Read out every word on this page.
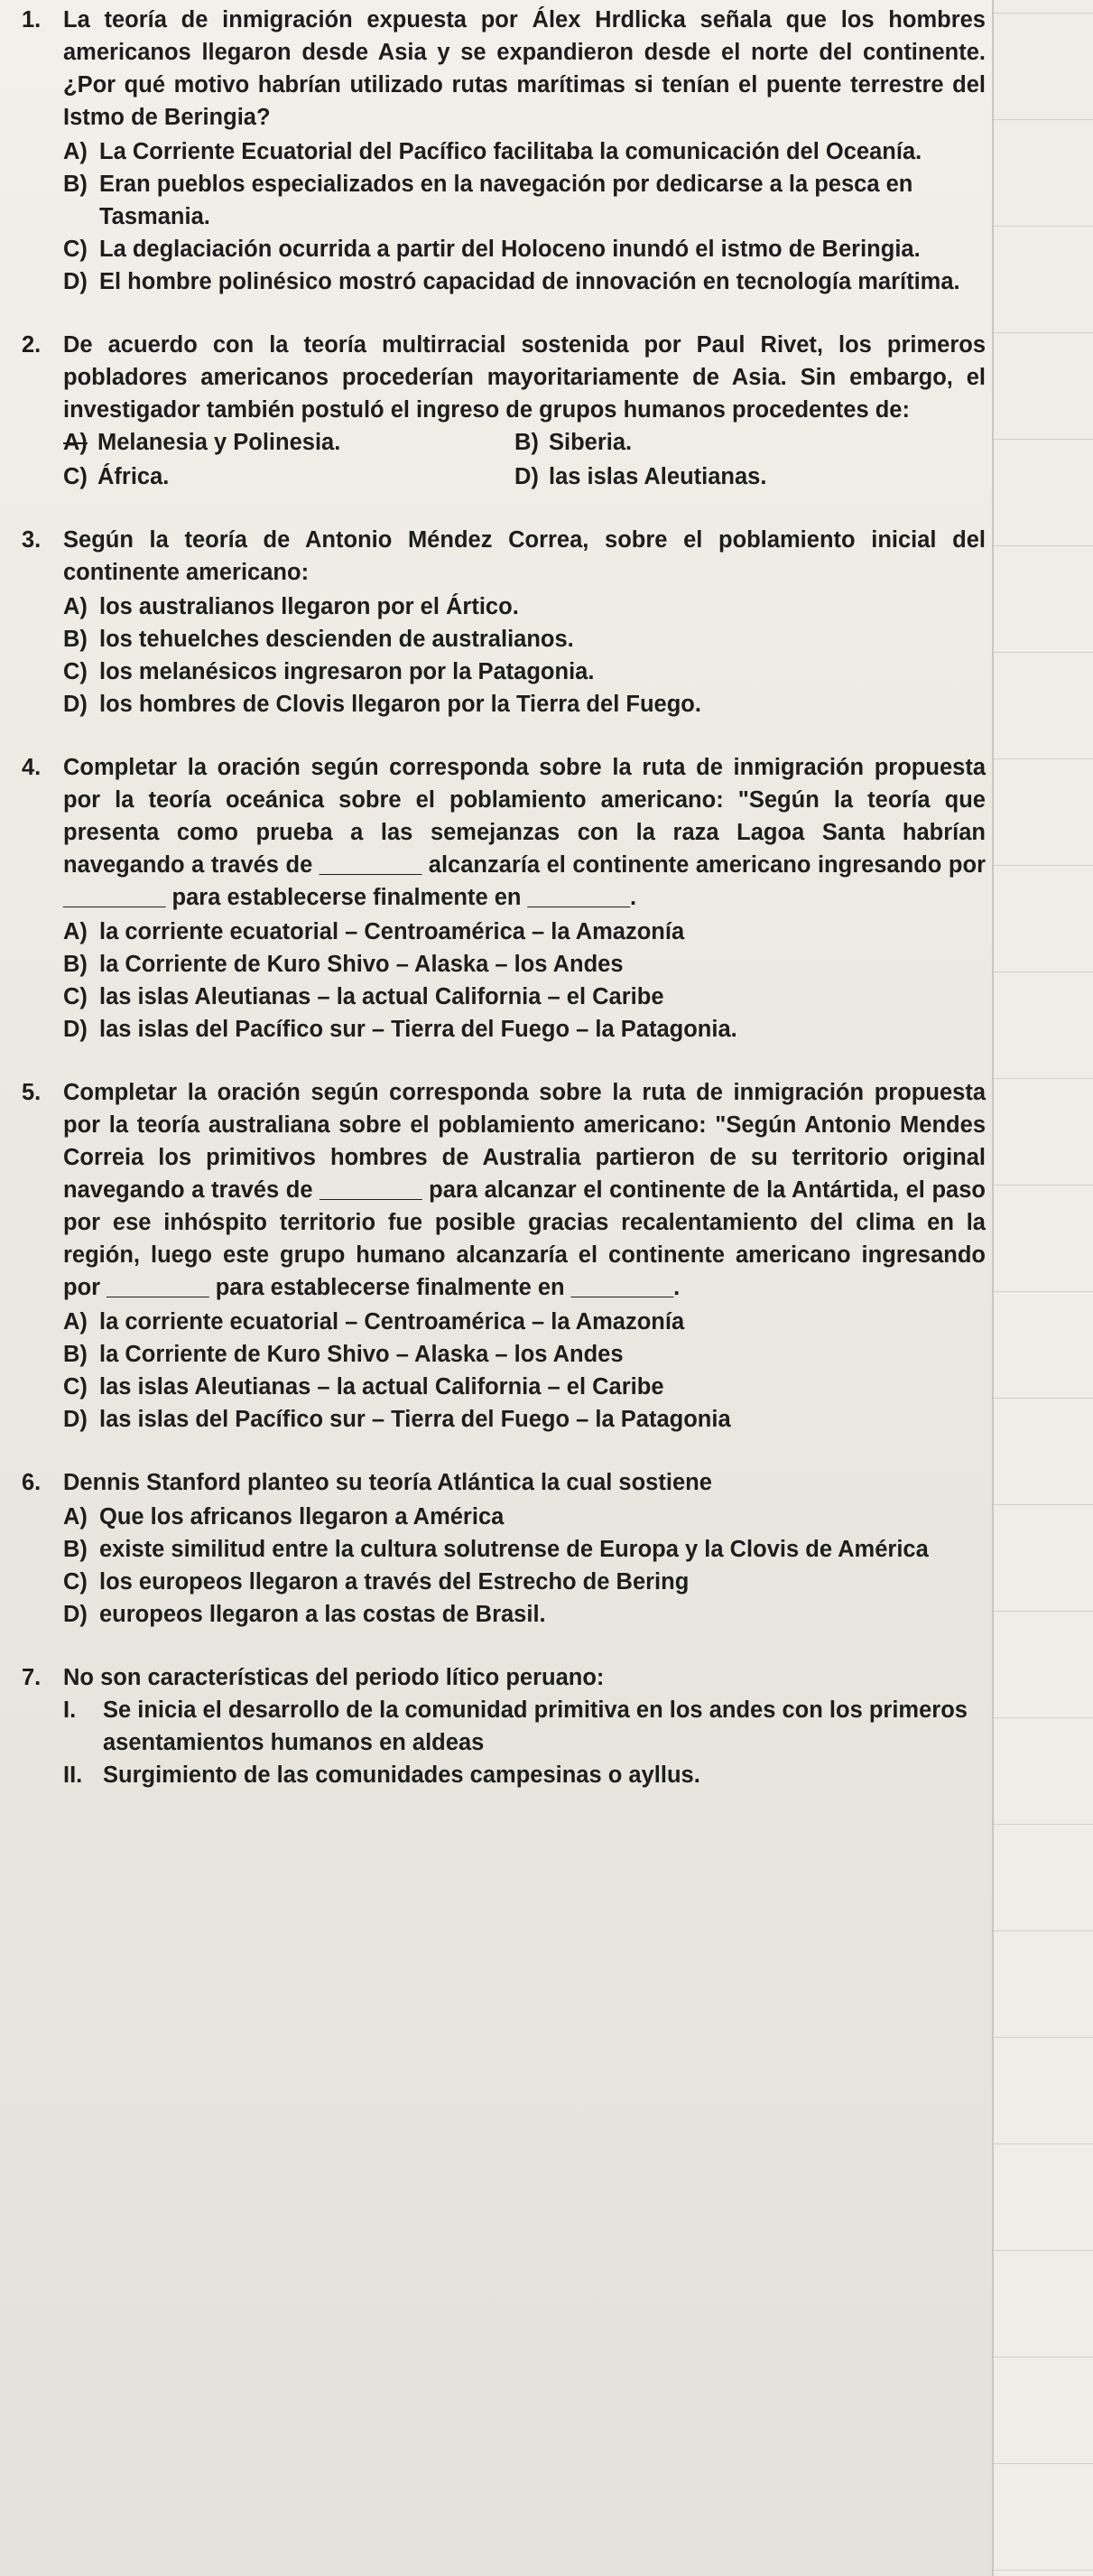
1. La teoría de inmigración expuesta por Álex Hrdlicka señala que los hombres americanos llegaron desde Asia y se expandieron desde el norte del continente. ¿Por qué motivo habrían utilizado rutas marítimas si tenían el puente terrestre del Istmo de Beringia?
A) La Corriente Ecuatorial del Pacífico facilitaba la comunicación del Oceanía.
B) Eran pueblos especializados en la navegación por dedicarse a la pesca en Tasmania.
C) La deglaciación ocurrida a partir del Holoceno inundó el istmo de Beringia.
D) El hombre polinésico mostró capacidad de innovación en tecnología marítima.
2. De acuerdo con la teoría multirracial sostenida por Paul Rivet, los primeros pobladores americanos procederían mayoritariamente de Asia. Sin embargo, el investigador también postuló el ingreso de grupos humanos procedentes de:
A) Melanesia y Polinesia.	B) Siberia.
C) África.	D) las islas Aleutianas.
3. Según la teoría de Antonio Méndez Correa, sobre el poblamiento inicial del continente americano:
A) los australianos llegaron por el Ártico.
B) los tehuelches descienden de australianos.
C) los melanésicos ingresaron por la Patagonia.
D) los hombres de Clovis llegaron por la Tierra del Fuego.
4. Completar la oración según corresponda sobre la ruta de inmigración propuesta por la teoría oceánica sobre el poblamiento americano: "Según la teoría que presenta como prueba a las semejanzas con la raza Lagoa Santa habrían navegando a través de ________ alcanzaría el continente americano ingresando por ________ para establecerse finalmente en ________.
A) la corriente ecuatorial – Centroamérica – la Amazonía
B) la Corriente de Kuro Shivo – Alaska – los Andes
C) las islas Aleutianas – la actual California – el Caribe
D) las islas del Pacífico sur – Tierra del Fuego – la Patagonia.
5. Completar la oración según corresponda sobre la ruta de inmigración propuesta por la teoría australiana sobre el poblamiento americano: "Según Antonio Mendes Correia los primitivos hombres de Australia partieron de su territorio original navegando a través de ________ para alcanzar el continente de la Antártida, el paso por ese inhóspito territorio fue posible gracias recalentamiento del clima en la región, luego este grupo humano alcanzaría el continente americano ingresando por ________ para establecerse finalmente en ________.
A) la corriente ecuatorial – Centroamérica – la Amazonía
B) la Corriente de Kuro Shivo – Alaska – los Andes
C) las islas Aleutianas – la actual California – el Caribe
D) las islas del Pacífico sur – Tierra del Fuego – la Patagonia
6. Dennis Stanford planteo su teoría Atlántica la cual sostiene
A) Que los africanos llegaron a América
B) existe similitud entre la cultura solutrense de Europa y la Clovis de América
C) los europeos llegaron a través del Estrecho de Bering
D) europeos llegaron a las costas de Brasil.
7. No son características del periodo lítico peruano:
I.	Se inicia el desarrollo de la comunidad primitiva en los andes con los primeros asentamientos humanos en aldeas
II. Surgimiento de las comunidades campesinas o ayllus.
